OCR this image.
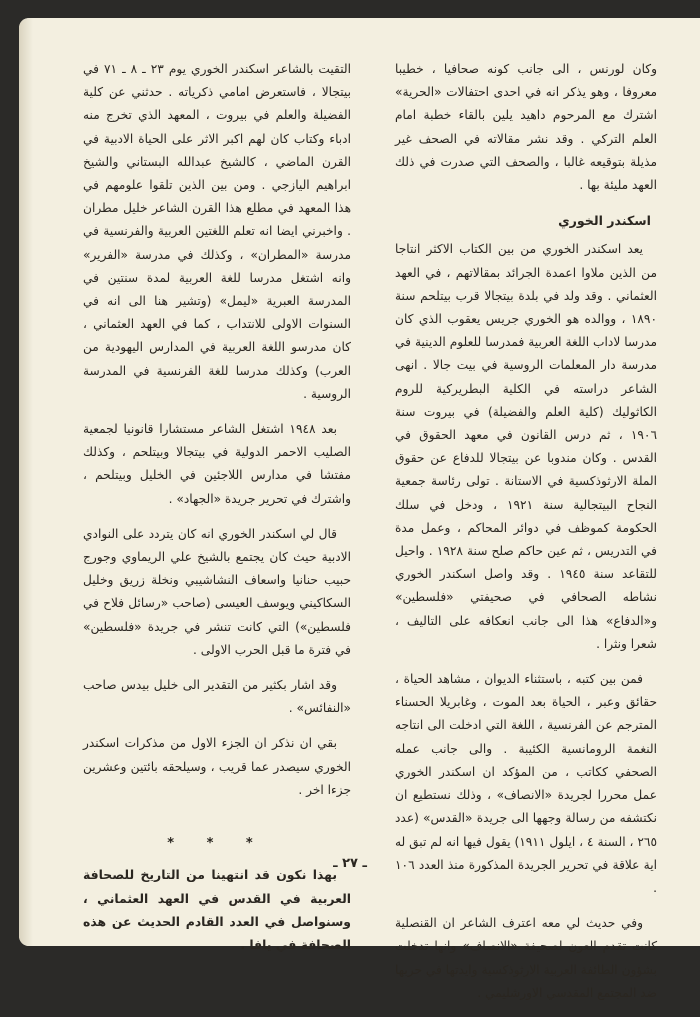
وكان لورنس ، الى جانب كونه صحافيا ، خطيبا معروفا ، وهو يذكر انه في احدى احتفالات «الحرية» اشترك مع المرحوم داهيد يلين بالقاء خطبة امام العلم التركي . وقد نشر مقالاته في الصحف غير مذيلة بتوقيعه غالبا ، والصحف التي صدرت في ذلك العهد مليئة بها .

اسكندر الخوري

يعد اسكندر الخوري من بين الكتاب الاكثر انتاجا من الذين ملاوا اعمدة الجرائد بمقالاتهم ، في العهد العثماني . وقد ولد في بلدة بيتجالا قرب بيتلحم سنة ١٨٩٠ ، ووالده هو الخوري جريس يعقوب الذي كان مدرسا لاداب اللغة العربية فمدرسا للعلوم الدينية في مدرسة دار المعلمات الروسية في بيت جالا . انهى الشاعر دراسته في الكلية البطريركية للروم الكاثوليك (كلية العلم والفضيلة) في بيروت سنة ١٩٠٦ ، ثم درس القانون في معهد الحقوق في القدس . وكان مندوبا عن بيتجالا للدفاع عن حقوق الملة الارثوذكسية في الاستانة . تولى رئاسة جمعية النجاح البيتجالية سنة ١٩٢١ ، ودخل في سلك الحكومة كموظف في دوائر المحاكم ، وعمل مدة في التدريس ، ثم عين حاكم صلح سنة ١٩٢٨ . واحيل للتقاعد سنة ١٩٤٥ . وقد واصل اسكندر الخوري نشاطه الصحافي في صحيفتي «فلسطين» و«الدفاع» هذا الى جانب انعكافه على التاليف ، شعرا ونثرا .

فمن بين كتبه ، باستثناء الديوان ، مشاهد الحياة ، حقائق وعبر ، الحياة بعد الموت ، وغابريلا الحسناء المترجم عن الفرنسية ، اللغة التي ادخلت الى انتاجه النغمة الرومانسية الكئيبة . والى جانب عمله الصحفي ككاتب ، من المؤكد ان اسكندر الخوري عمل محررا لجريدة «الانصاف» ، وذلك نستطيع ان نكتشفه من رسالة وجهها الى جريدة «القدس» (عدد ٢٦٥ ، السنة ٤ ، ايلول ١٩١١) يقول فيها انه لم تبق له اية علاقة في تحرير الجريدة المذكورة منذ العدد ١٠٦ .

وفي حديث لي معه اعترف الشاعر ان القنصلية كانت تقدم العون لصحيفة «الانصاف» وانها تدخلت بشؤون الطائفة العربية الارثوذكسية وايدتها في حربها ضد المجتمع المقدسي الاورشليمي .

التقيت بالشاعر اسكندر الخوري يوم ٢٣ ـ ٨ ـ ٧١ في بيتجالا ، فاستعرض امامي ذكرياته . حدثني عن كلية الفضيلة والعلم في بيروت ، المعهد الذي تخرج منه ادباء وكتاب كان لهم اكبر الاثر على الحياة الادبية في القرن الماضي ، كالشيخ عبدالله البستاني والشيخ ابراهيم اليازجي . ومن بين الذين تلقوا علومهم في هذا المعهد في مطلع هذا القرن الشاعر خليل مطران . واخبرني ايضا انه تعلم اللغتين العربية والفرنسية في مدرسة «المطران» ، وكذلك في مدرسة «الفرير» وانه اشتغل مدرسا للغة العربية لمدة سنتين في المدرسة العبرية «ليمل» (وتشير هنا الى انه في السنوات الاولى للانتداب ، كما في العهد العثماني ، كان مدرسو اللغة العربية في المدارس اليهودية من العرب) وكذلك مدرسا للغة الفرنسية في المدرسة الروسية .

بعد ١٩٤٨ اشتغل الشاعر مستشارا قانونيا لجمعية الصليب الاحمر الدولية في بيتجالا وبيتلحم ، وكذلك مفتشا في مدارس اللاجئين في الخليل وبيتلحم ، واشترك في تحرير جريدة «الجهاد» .

قال لي اسكندر الخوري انه كان يتردد على النوادي الادبية حيث كان يجتمع بالشيخ علي الريماوي وجورج حبيب حنانيا واسعاف النشاشيبي ونخلة زريق وخليل السكاكيني ويوسف العيسى (صاحب «رسائل فلاح في فلسطين») التي كانت تنشر في جريدة «فلسطين» في فترة ما قبل الحرب الاولى .

وقد اشار بكثير من التقدير الى خليل بيدس صاحب «النفائس» .

بقي ان نذكر ان الجزء الاول من مذكرات اسكندر الخوري سيصدر عما قريب ، وسيلحقه بائتين وعشرين جزءا اخر .

* * *

بهذا نكون قد انتهينا من التاريخ للصحافة العربية في القدس في العهد العثماني ، وسنواصل في العدد القادم الحديث عن هذه الصحافة في يافا .

ـ ٢٧ ـ
